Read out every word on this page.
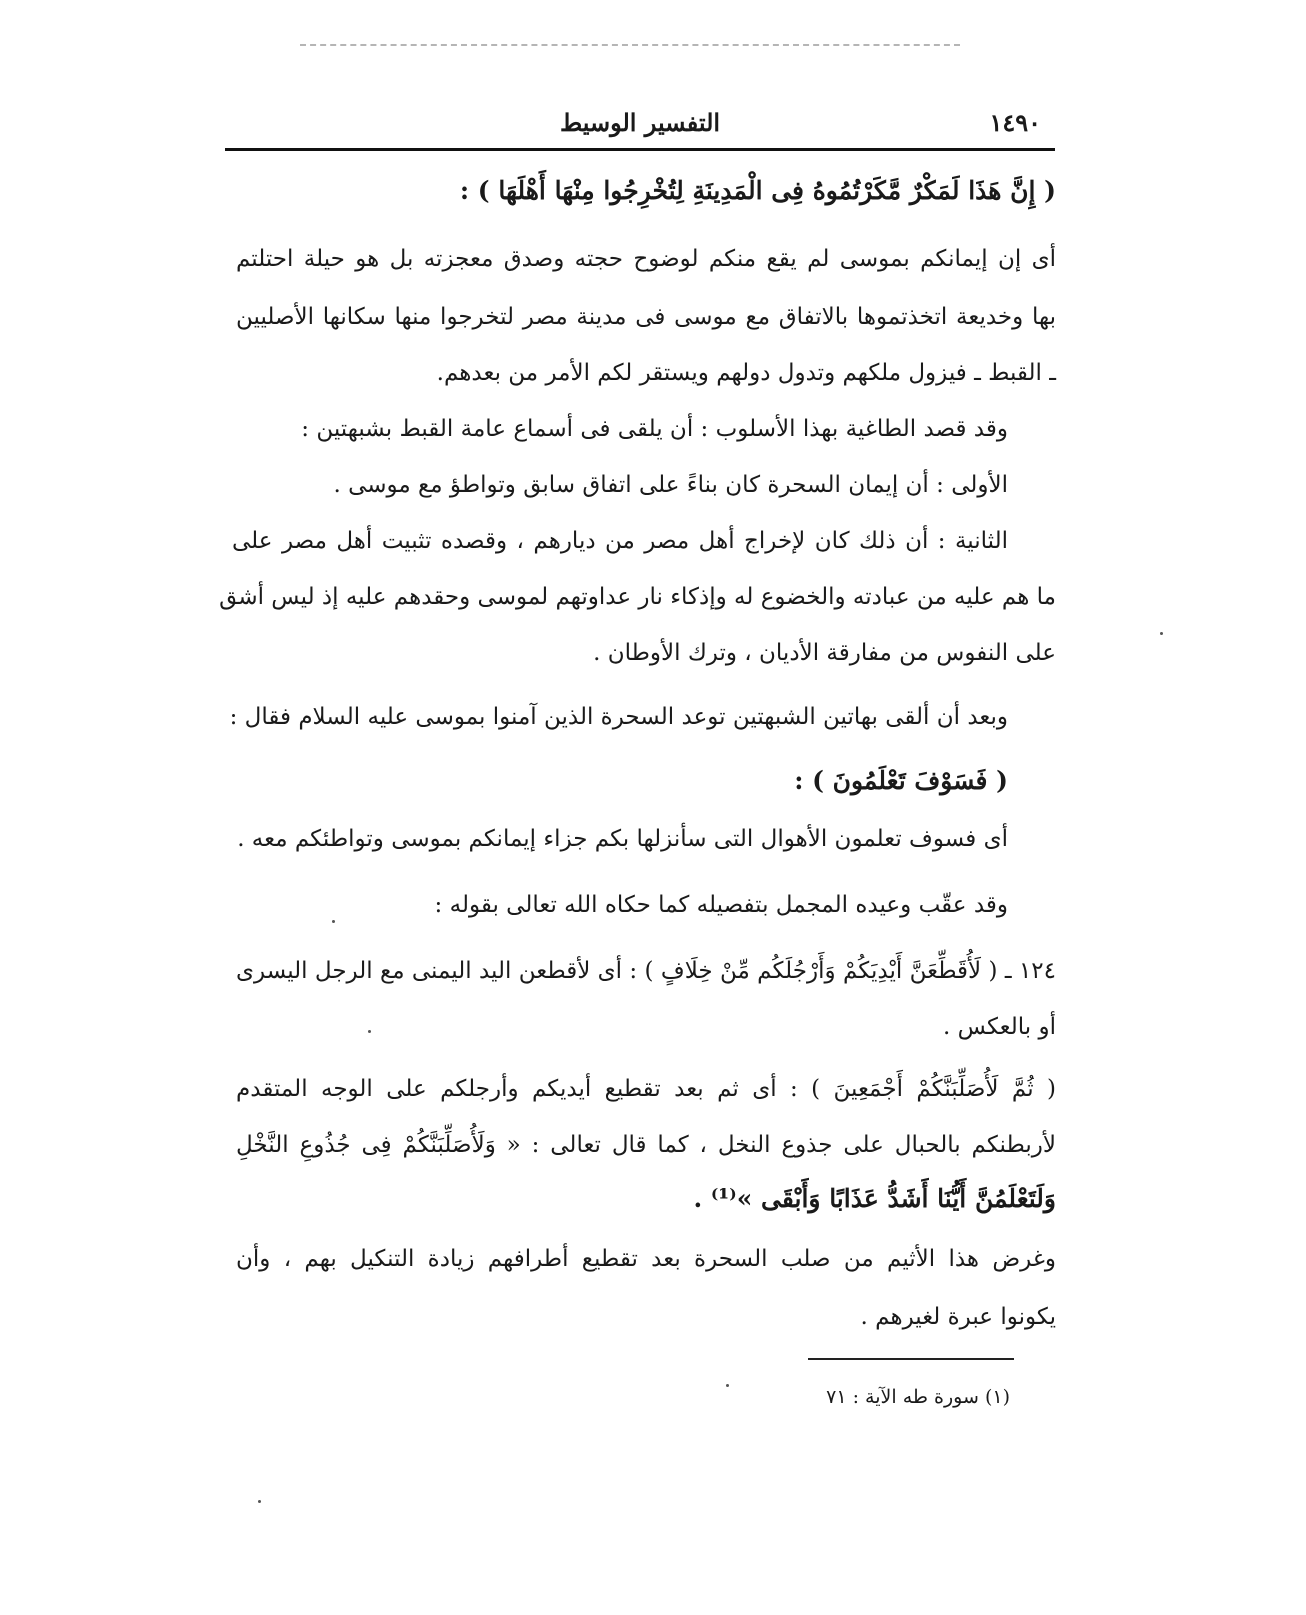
التفسير الوسيط	١٤٩٠
( إِنَّ هَذَا لَمَكْرٌ مَّكَرْتُمُوهُ فِى الْمَدِينَةِ لِتُخْرِجُوا مِنْهَا أَهْلَهَا ) :
أى إن إيمانكم بموسى لم يقع منكم لوضوح حجته وصدق معجزته بل هو حيلة احتلتم
بها وخديعة اتخذتموها بالاتفاق مع موسى فى مدينة مصر لتخرجوا منها سكانها الأصليين
ـ القبط ـ فيزول ملكهم وتدول دولهم ويستقر لكم الأمر من بعدهم.
وقد قصد الطاغية بهذا الأسلوب : أن يلقى فى أسماع عامة القبط بشبهتين :
الأولى : أن إيمان السحرة كان بناءً على اتفاق سابق وتواطؤ مع موسى .
الثانية : أن ذلك كان لإخراج أهل مصر من ديارهم ، وقصده تثبيت أهل مصر على
ما هم عليه من عبادته والخضوع له وإذكاء نار عداوتهم لموسى وحقدهم عليه إذ ليس أشق
على النفوس من مفارقة الأديان ، وترك الأوطان .
وبعد أن ألقى بهاتين الشبهتين توعد السحرة الذين آمنوا بموسى عليه السلام فقال :
( فَسَوْفَ تَعْلَمُونَ ) :
أى فسوف تعلمون الأهوال التى سأنزلها بكم جزاء إيمانكم بموسى وتواطئكم معه .
وقد عقّب وعيده المجمل بتفصيله كما حكاه الله تعالى بقوله :
١٢٤ ـ ( لَأُقَطِّعَنَّ أَيْدِيَكُمْ وَأَرْجُلَكُم مِّنْ خِلَافٍ ) : أى لأقطعن اليد اليمنى مع الرجل اليسرى
أو بالعكس .
( ثُمَّ لَأُصَلِّبَنَّكُمْ أَجْمَعِينَ ) : أى ثم بعد تقطيع أيديكم وأرجلكم على الوجه المتقدم
لأربطنكم بالحبال على جذوع النخل ، كما قال تعالى : « وَلَأُصَلِّبَنَّكُمْ فِى جُذُوعِ النَّخْلِ
وَلَتَعْلَمُنَّ أَيُّنَا أَشَدُّ عَذَابًا وَأَبْقَى »⁽¹⁾ .
وغرض هذا الأثيم من صلب السحرة بعد تقطيع أطرافهم زيادة التنكيل بهم ، وأن
يكونوا عبرة لغيرهم .
(١) سورة طه الآية : ٧١
